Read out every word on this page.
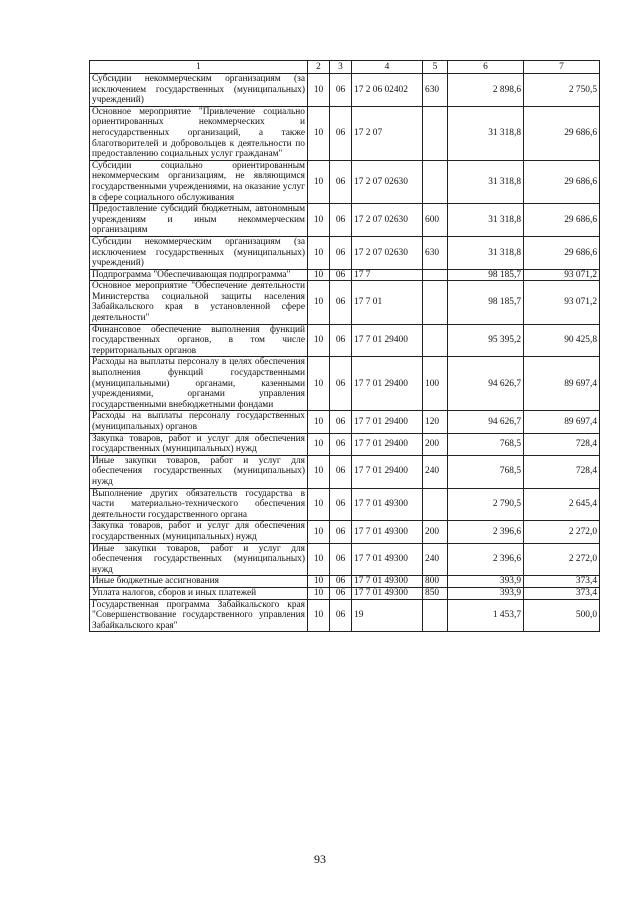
1	2	3	4	5	6	7
Субсидии некоммерческим организациям (за исключением государственных (муниципальных) учреждений)	10	06	17 2 06 02402	630	2 898,6	2 750,5
Основное мероприятие "Привлечение социально ориентированных некоммерческих и негосударственных организаций, а также благотворителей и добровольцев к деятельности по предоставлению социальных услуг гражданам"	10	06	17 2 07		31 318,8	29 686,6
Субсидии социально ориентированным некоммерческим организациям, не являющимся государственными учреждениями, на оказание услуг в сфере социального обслуживания	10	06	17 2 07 02630		31 318,8	29 686,6
Предоставление субсидий бюджетным, автономным учреждениям и иным некоммерческим организациям	10	06	17 2 07 02630	600	31 318,8	29 686,6
Субсидии некоммерческим организациям (за исключением государственных (муниципальных) учреждений)	10	06	17 2 07 02630	630	31 318,8	29 686,6
Подпрограмма "Обеспечивающая подпрограмма"	10	06	17 7		98 185,7	93 071,2
Основное мероприятие "Обеспечение деятельности Министерства социальной защиты населения Забайкальского края в установленной сфере деятельности"	10	06	17 7 01		98 185,7	93 071,2
Финансовое обеспечение выполнения функций государственных органов, в том числе территориальных органов	10	06	17 7 01 29400		95 395,2	90 425,8
Расходы на выплаты персоналу в целях обеспечения выполнения функций государственными (муниципальными) органами, казенными учреждениями, органами управления государственными внебюджетными фондами	10	06	17 7 01 29400	100	94 626,7	89 697,4
Расходы на выплаты персоналу государственных (муниципальных) органов	10	06	17 7 01 29400	120	94 626,7	89 697,4
Закупка товаров, работ и услуг для обеспечения государственных (муниципальных) нужд	10	06	17 7 01 29400	200	768,5	728,4
Иные закупки товаров, работ и услуг для обеспечения государственных (муниципальных) нужд	10	06	17 7 01 29400	240	768,5	728,4
Выполнение других обязательств государства в части материально-технического обеспечения деятельности государственного органа	10	06	17 7 01 49300		2 790,5	2 645,4
Закупка товаров, работ и услуг для обеспечения государственных (муниципальных) нужд	10	06	17 7 01 49300	200	2 396,6	2 272,0
Иные закупки товаров, работ и услуг для обеспечения государственных (муниципальных) нужд	10	06	17 7 01 49300	240	2 396,6	2 272,0
Иные бюджетные ассигнования	10	06	17 7 01 49300	800	393,9	373,4
Уплата налогов, сборов и иных платежей	10	06	17 7 01 49300	850	393,9	373,4
Государственная программа Забайкальского края "Совершенствование государственного управления Забайкальского края"	10	06	19		1 453,7	500,0
93
